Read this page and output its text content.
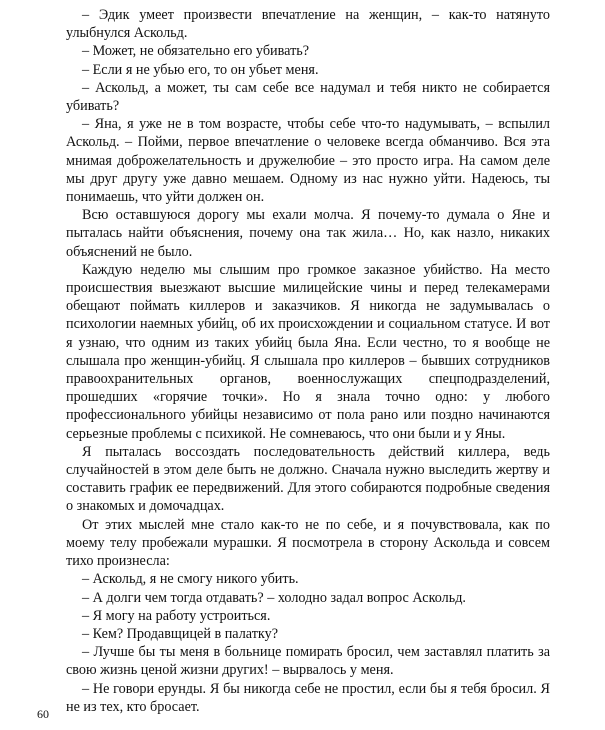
– Эдик умеет произвести впечатление на женщин, – как-то натянуто улыбнулся Аскольд.

– Может, не обязательно его убивать?

– Если я не убью его, то он убьет меня.

– Аскольд, а может, ты сам себе все надумал и тебя никто не собирается убивать?

– Яна, я уже не в том возрасте, чтобы себе что-то надумывать, – вспылил Аскольд. – Пойми, первое впечатление о человеке всегда обманчиво. Вся эта мнимая доброжелательность и дружелюбие – это просто игра. На самом деле мы друг другу уже давно мешаем. Одному из нас нужно уйти. Надеюсь, ты понимаешь, что уйти должен он.

Всю оставшуюся дорогу мы ехали молча. Я почему-то думала о Яне и пыталась найти объяснения, почему она так жила… Но, как назло, никаких объяснений не было.

Каждую неделю мы слышим про громкое заказное убийство. На место происшествия выезжают высшие милицейские чины и перед телекамерами обещают поймать киллеров и заказчиков. Я никогда не задумывалась о психологии наемных убийц, об их происхождении и социальном статусе. И вот я узнаю, что одним из таких убийц была Яна. Если честно, то я вообще не слышала про женщин-убийц. Я слышала про киллеров – бывших сотрудников правоохранительных органов, военнослужащих спецподразделений, прошедших «горячие точки». Но я знала точно одно: у любого профессионального убийцы независимо от пола рано или поздно начинаются серьезные проблемы с психикой. Не сомневаюсь, что они были и у Яны.

Я пыталась воссоздать последовательность действий киллера, ведь случайностей в этом деле быть не должно. Сначала нужно выследить жертву и составить график ее передвижений. Для этого собираются подробные сведения о знакомых и домочадцах.

От этих мыслей мне стало как-то не по себе, и я почувствовала, как по моему телу пробежали мурашки. Я посмотрела в сторону Аскольда и совсем тихо произнесла:

– Аскольд, я не смогу никого убить.

– А долги чем тогда отдавать? – холодно задал вопрос Аскольд.

– Я могу на работу устроиться.

– Кем? Продавщицей в палатку?

– Лучше бы ты меня в больнице помирать бросил, чем заставлял платить за свою жизнь ценой жизни других! – вырвалось у меня.

– Не говори ерунды. Я бы никогда себе не простил, если бы я тебя бросил. Я не из тех, кто бросает.

60
